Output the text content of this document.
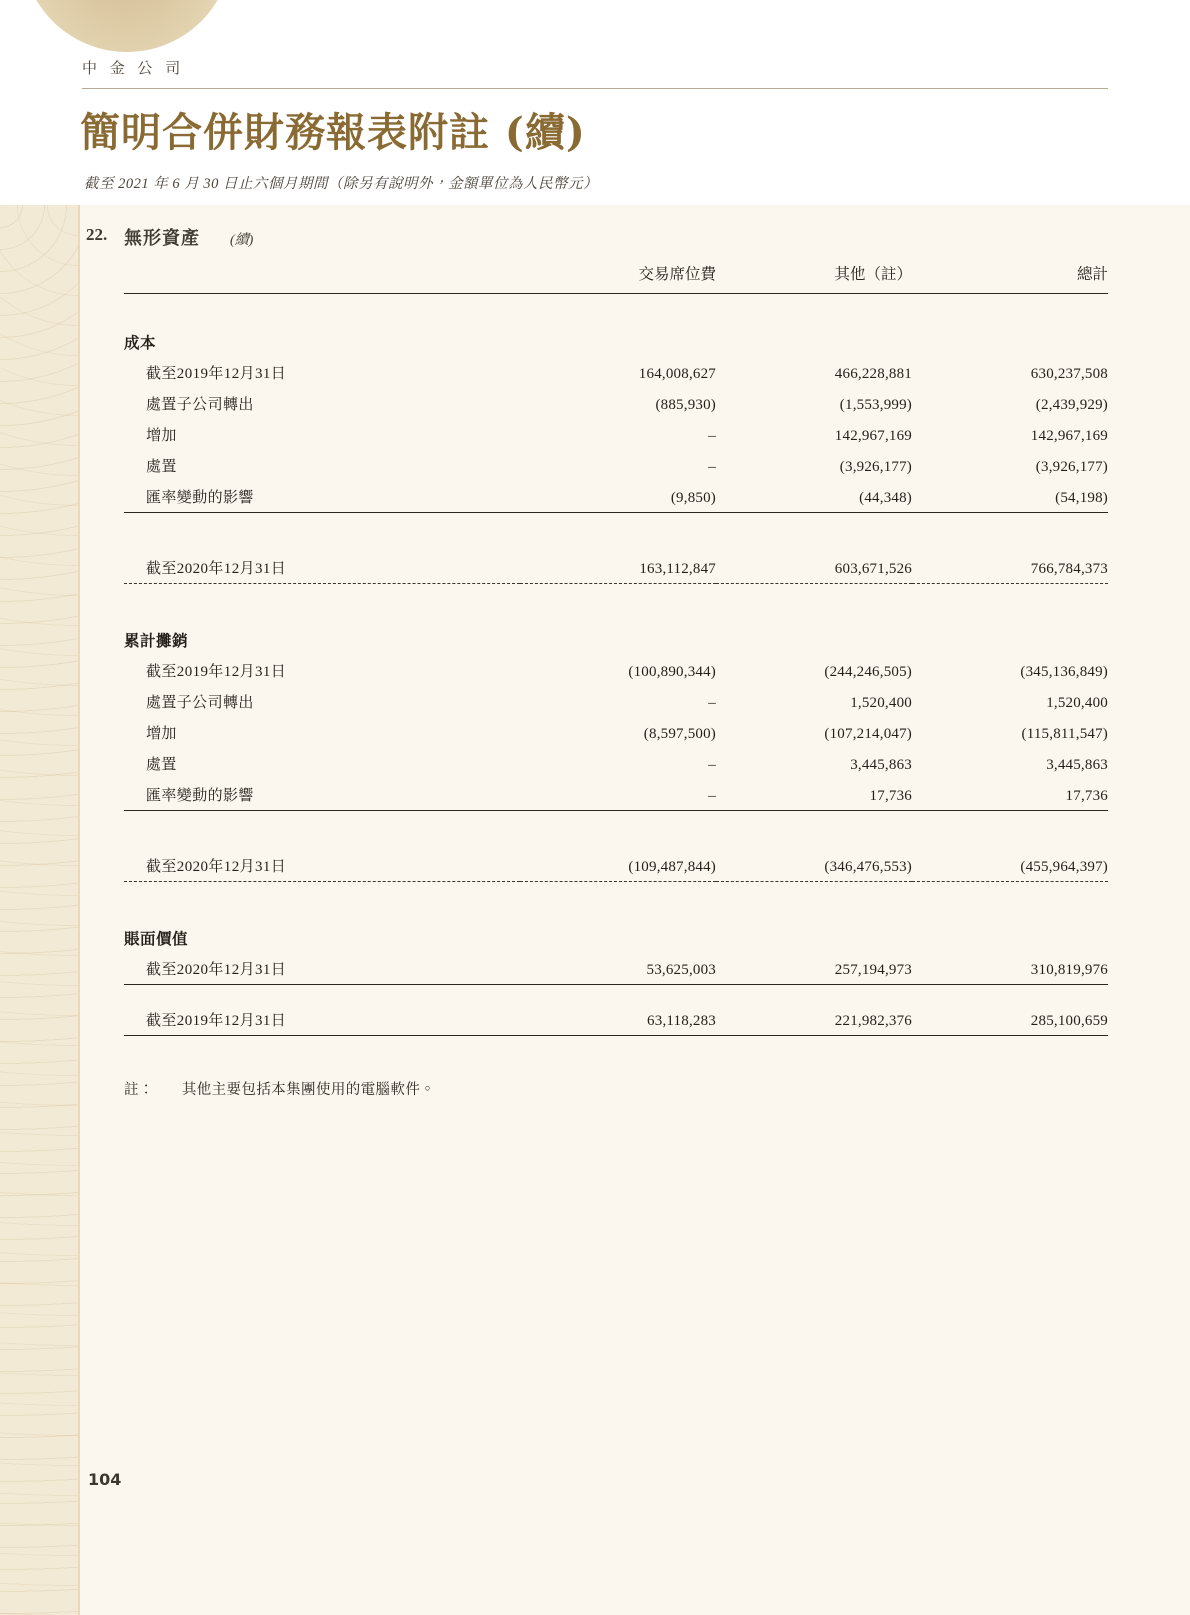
中 金 公 司
簡明合併財務報表附註 (續)
截至 2021 年 6 月 30 日止六個月期間（除另有說明外，金額單位為人民幣元）
22. 無形資產 (續)
	交易席位費	其他（註）	總計

成本			
截至2019年12月31日	164,008,627	466,228,881	630,237,508
處置子公司轉出	(885,930)	(1,553,999)	(2,439,929)
增加	–	142,967,169	142,967,169
處置	–	(3,926,177)	(3,926,177)
匯率變動的影響	(9,850)	(44,348)	(54,198)

截至2020年12月31日	163,112,847	603,671,526	766,784,373

累計攤銷			
截至2019年12月31日	(100,890,344)	(244,246,505)	(345,136,849)
處置子公司轉出	–	1,520,400	1,520,400
增加	(8,597,500)	(107,214,047)	(115,811,547)
處置	–	3,445,863	3,445,863
匯率變動的影響	–	17,736	17,736

截至2020年12月31日	(109,487,844)	(346,476,553)	(455,964,397)

賬面價值			
截至2020年12月31日	53,625,003	257,194,973	310,819,976

截至2019年12月31日	63,118,283	221,982,376	285,100,659

註： 其他主要包括本集團使用的電腦軟件。
104
